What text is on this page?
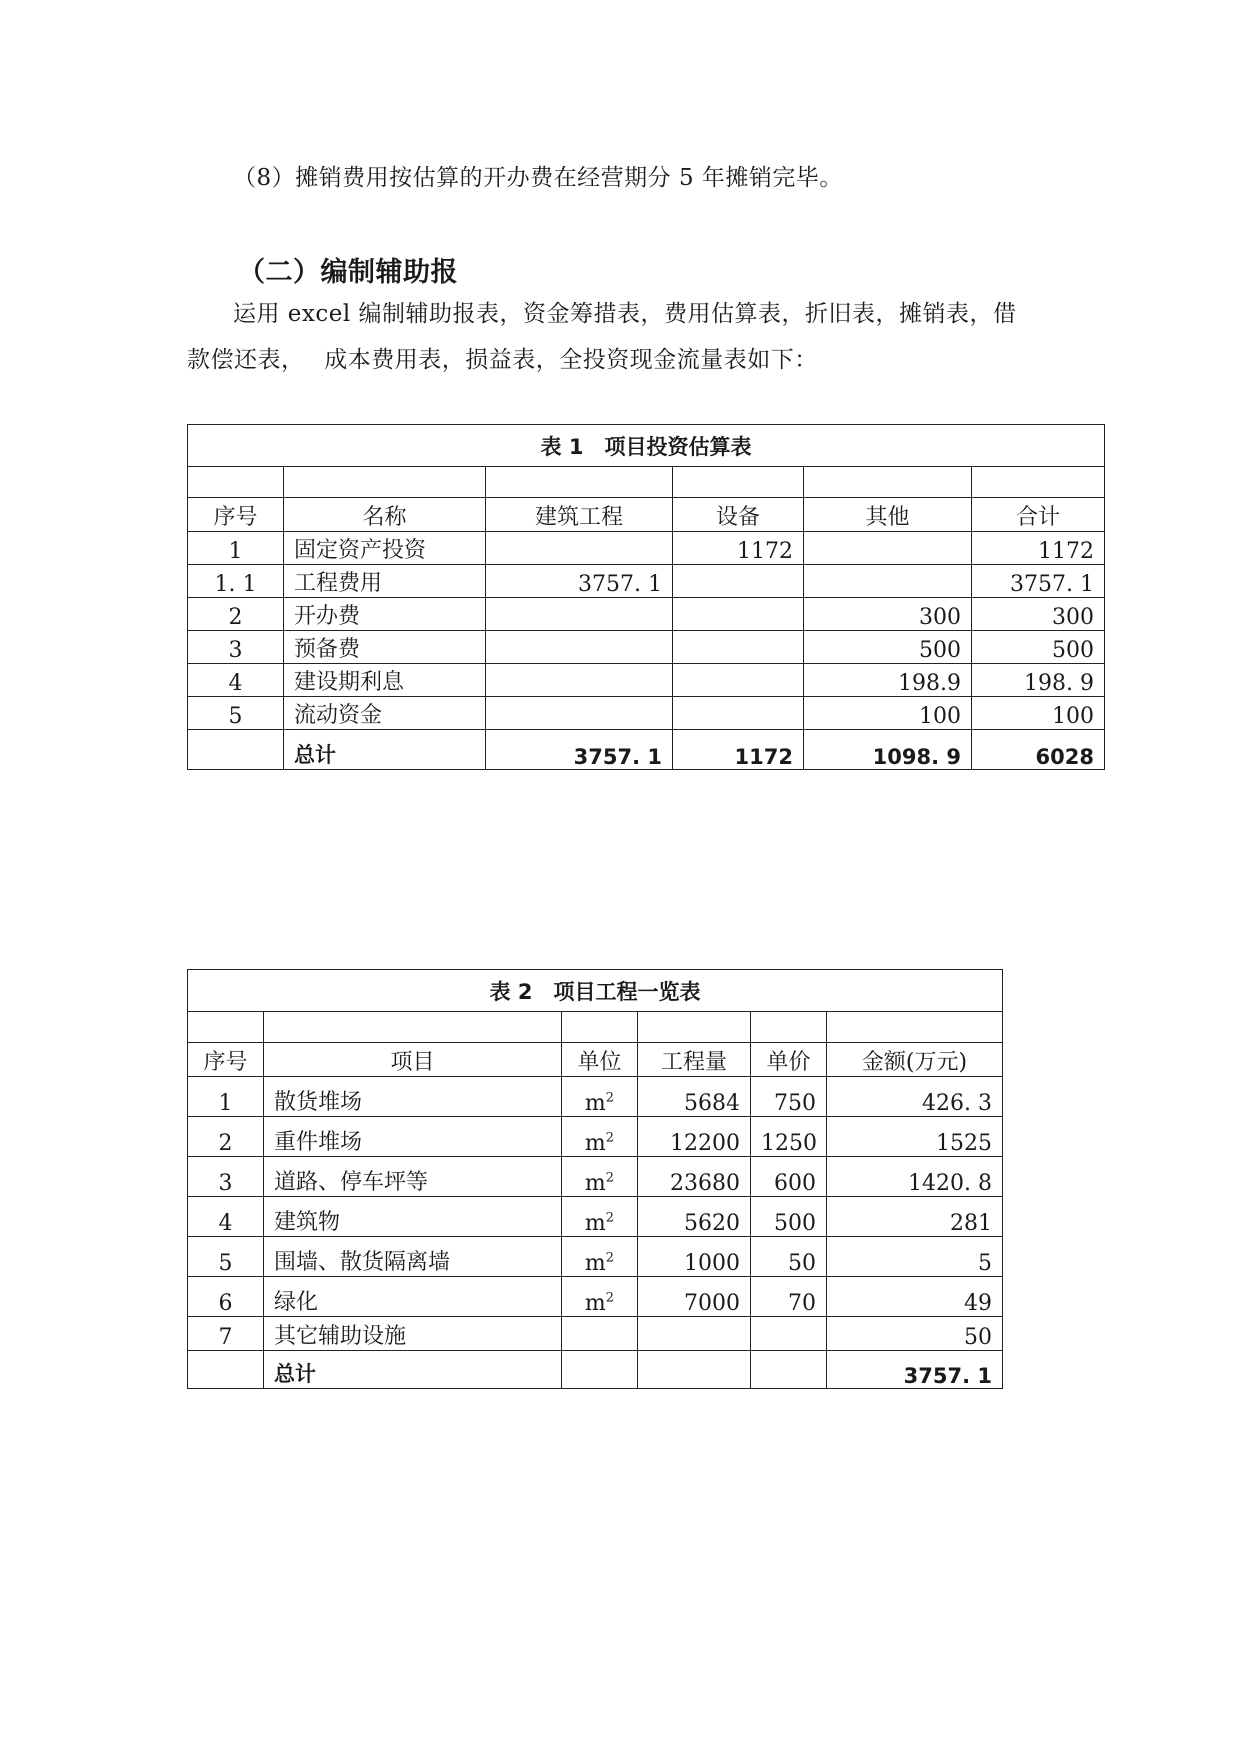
（8）摊销费用按估算的开办费在经营期分 5 年摊销完毕。
（二）编制辅助报
运用 excel 编制辅助报表，资金筹措表，费用估算表，折旧表，摊销表，借
款偿还表，　 成本费用表，损益表，全投资现金流量表如下：
表 1　项目投资估算表					

序号	名称	建筑工程	设备	其他	合计
1	固定资产投资		1172		1172
1. 1	工程费用	3757. 1			3757. 1
2	开办费			300	300
3	预备费			500	500
4	建设期利息			198.9	198. 9
5	流动资金			100	100
	总计	3757. 1	1172	1098. 9	6028
表 2　项目工程一览表					

序号	项目	单位	工程量	单价	金额(万元)
1	散货堆场	$m^2$	5684	750	426. 3
2	重件堆场	$m^2$	12200	1250	1525
3	道路、停车坪等	$m^2$	23680	600	1420. 8
4	建筑物	$m^2$	5620	500	281
5	围墙、散货隔离墙	$m^2$	1000	50	5
6	绿化	$m^2$	7000	70	49
7	其它辅助设施				50
	总计				3757. 1
